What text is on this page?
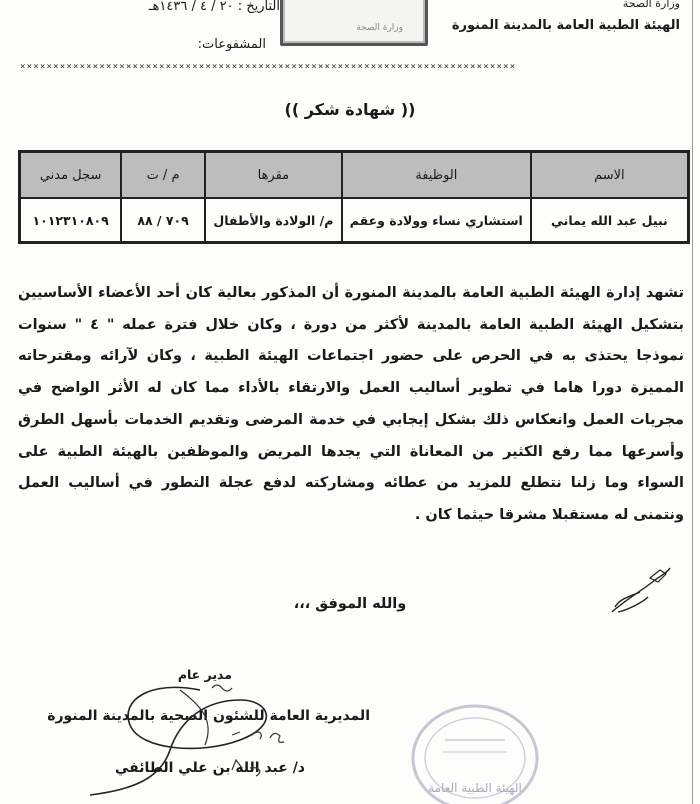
وزارة الصحة
الهيئة الطبية العامة بالمدينة المنورة
وزارة الصحة
التاريخ : ٢٠ / ٤ / ١٤٣٦هـ
المشفوعات:
×××××××××××××××××××××××××××××××××××××××××××××××××××××××××××××××××××××××××××
(( شهادة شكر ))
الاسم	الوظيفة	مقرها	م / ت	سجل مدني
نبيل عبد الله يماني	استشاري نساء وولادة وعقم	م/ الولادة والأطفال	٧٠٩ / ٨٨	١٠١٢٣١٠٨٠٩

تشهد إدارة الهيئة الطبية العامة بالمدينة المنورة أن المذكور بعالية كان أحد الأعضاء الأساسيين بتشكيل الهيئة الطبية العامة بالمدينة لأكثر من دورة ، وكان خلال فترة عمله " ٤ " سنوات نموذجا يحتذى به في الحرص على حضور اجتماعات الهيئة الطبية ، وكان لآرائه ومقترحاته المميزة دورا هاما في تطوير أساليب العمل والارتقاء بالأداء مما كان له الأثر الواضح في مجريات العمل وانعكاس ذلك بشكل إيجابي في خدمة المرضى وتقديم الخدمات بأسهل الطرق وأسرعها مما رفع الكثير من المعاناة التي يجدها المريض والموظفين بالهيئة الطبية على السواء وما زلنا نتطلع للمزيد من عطائه ومشاركته لدفع عجلة التطور في أساليب العمل ونتمنى له مستقبلا مشرقا حيثما كان .

والله الموفق ،،،
مدير عام
المديرية العامة للشئون الصحية بالمدينة المنورة
د/ عبد الله بن علي الطائفي
الهيئة الطبية العامة
